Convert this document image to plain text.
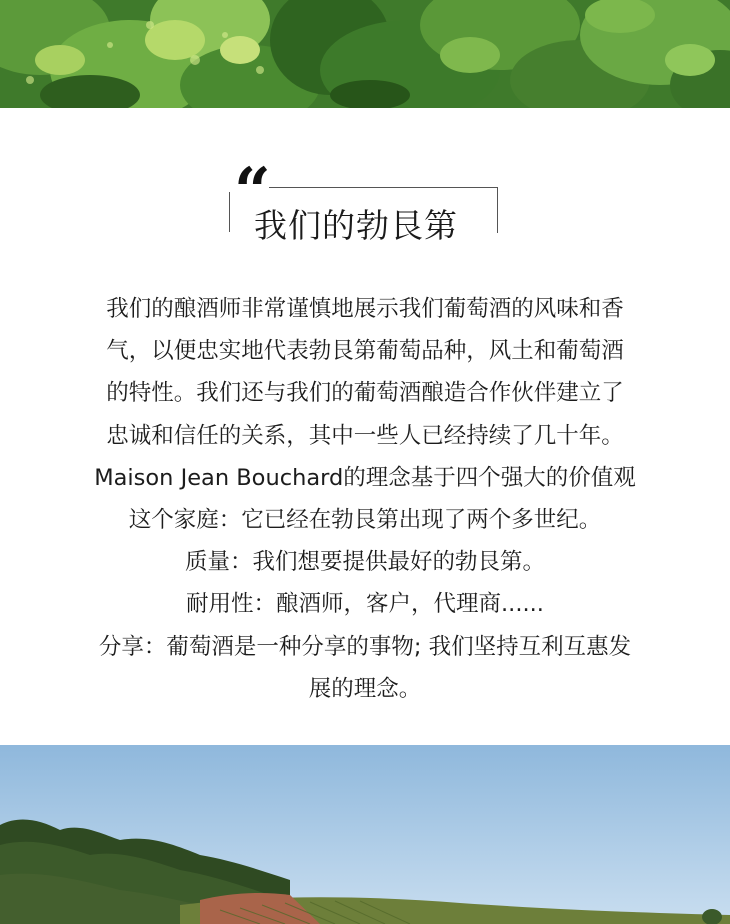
“
我们的勃艮第
我们的酿酒师非常谨慎地展示我们葡萄酒的风味和香
气，以便忠实地代表勃艮第葡萄品种，风土和葡萄酒
的特性。我们还与我们的葡萄酒酿造合作伙伴建立了
忠诚和信任的关系，其中一些人已经持续了几十年。
Maison Jean Bouchard的理念基于四个强大的价值观
这个家庭：它已经在勃艮第出现了两个多世纪。
质量：我们想要提供最好的勃艮第。
耐用性：酿酒师，客户，代理商......
分享：葡萄酒是一种分享的事物; 我们坚持互利互惠发
展的理念。
